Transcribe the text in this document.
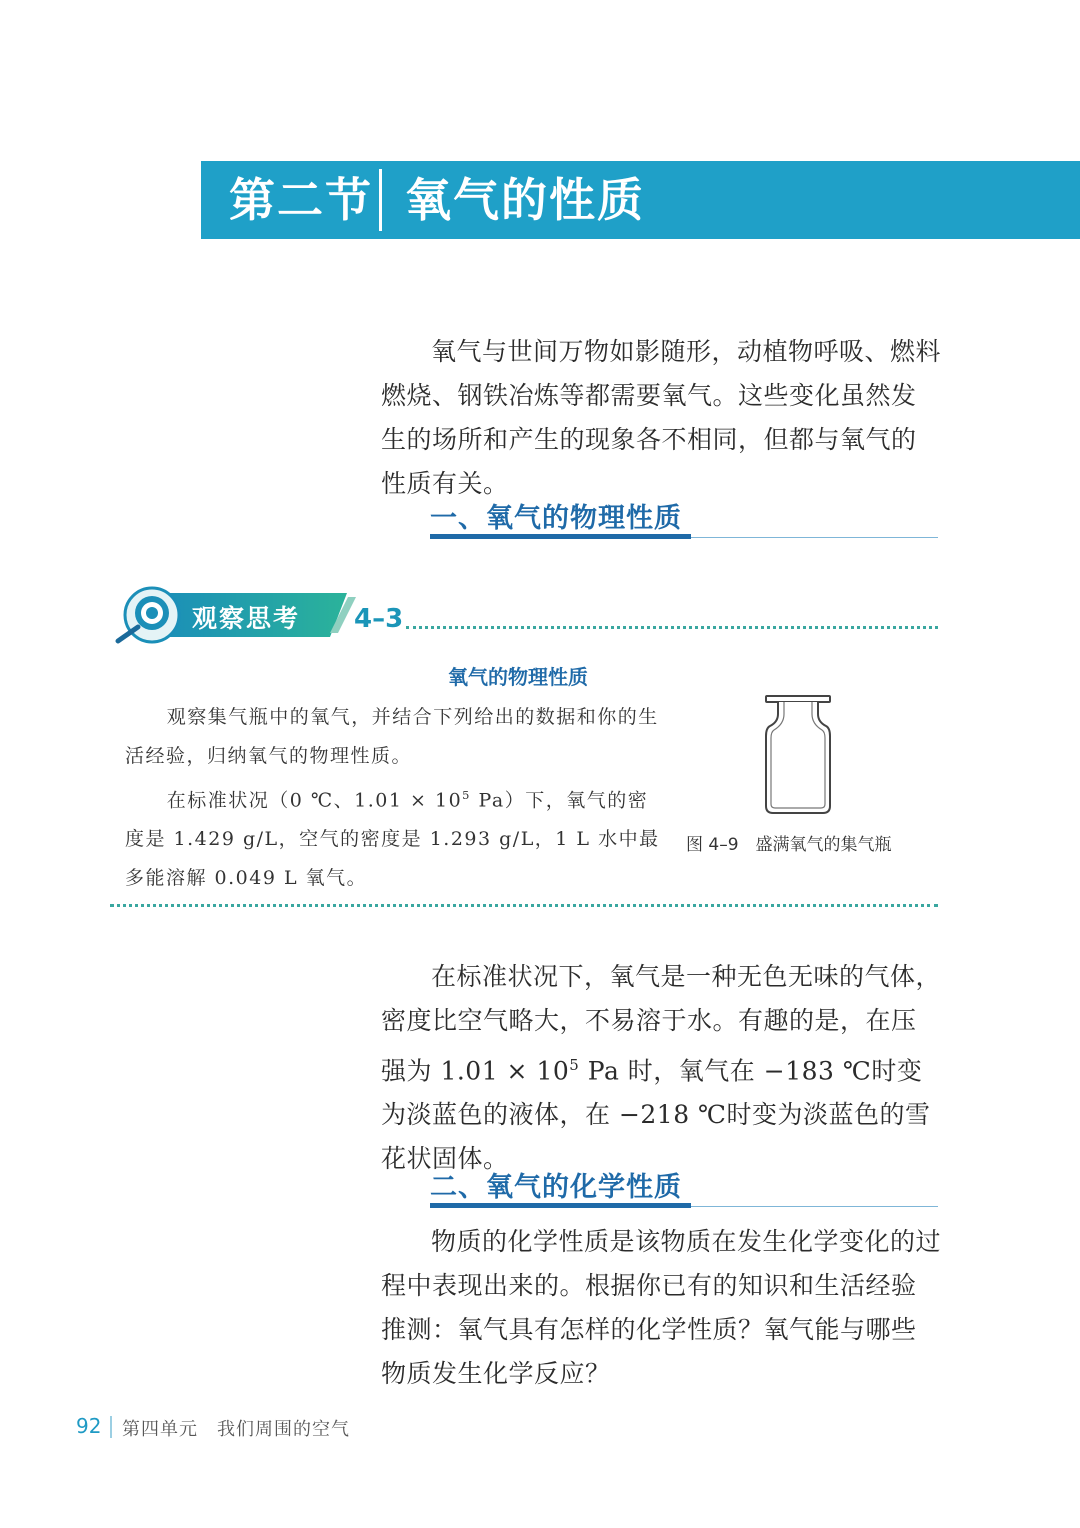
第二节 氧气的性质

氧气与世间万物如影随形，动植物呼吸、燃料燃烧、钢铁冶炼等都需要氧气。这些变化虽然发生的场所和产生的现象各不相同，但都与氧气的性质有关。

一、氧气的物理性质
观察思考 4–3
氧气的物理性质

观察集气瓶中的氧气，并结合下列给出的数据和你的生活经验，归纳氧气的物理性质。

在标准状况（0 ℃、$1.01 \times 10^5$ Pa）下，氧气的密度是 1.429 g/L，空气的密度是 1.293 g/L，1 L 水中最多能溶解 0.049 L 氧气。

图 4–9　盛满氧气的集气瓶

在标准状况下，氧气是一种无色无味的气体，密度比空气略大，不易溶于水。有趣的是，在压强为 $1.01 \times 10^5$ Pa 时，氧气在 −183 ℃时变为淡蓝色的液体，在 −218 ℃时变为淡蓝色的雪花状固体。

二、氧气的化学性质

物质的化学性质是该物质在发生化学变化的过程中表现出来的。根据你已有的知识和生活经验推测：氧气具有怎样的化学性质？氧气能与哪些物质发生化学反应？

92 第四单元　我们周围的空气
